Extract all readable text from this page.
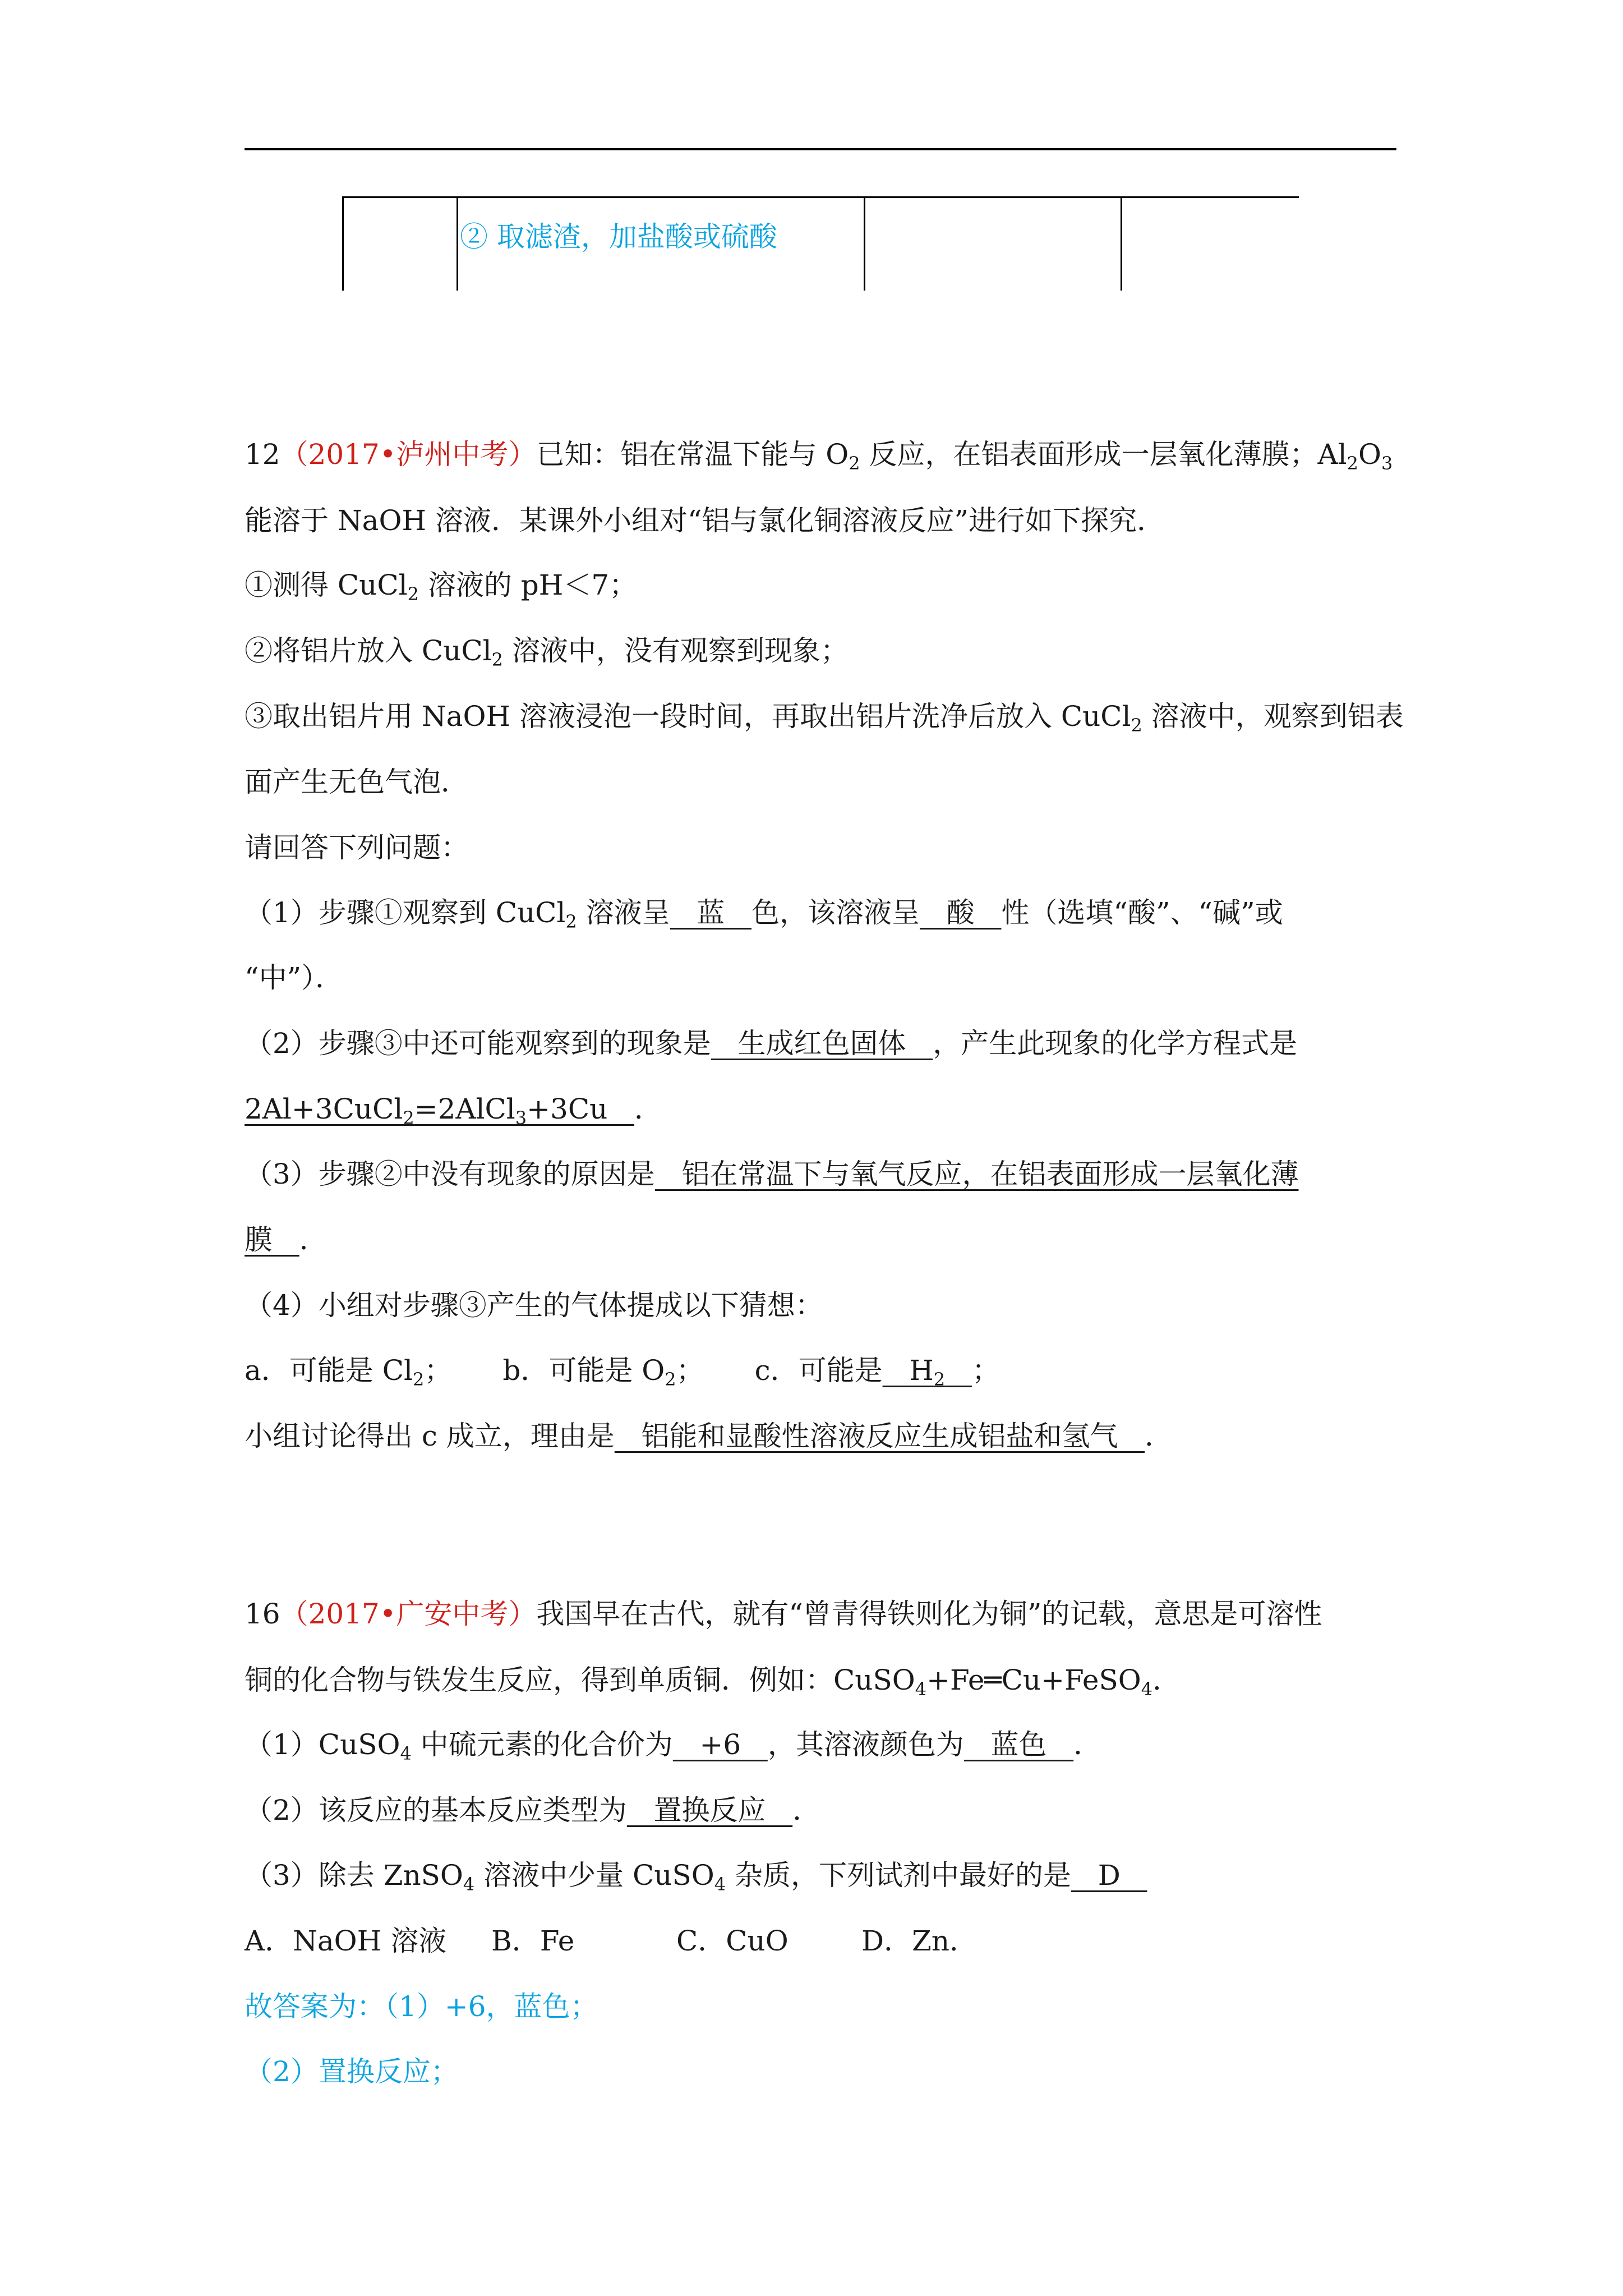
② 取滤渣，加盐酸或硫酸
12（2017•泸州中考）已知：铝在常温下能与 $O_2$ 反应，在铝表面形成一层氧化薄膜；$Al_2O_3$
能溶于 NaOH 溶液．某课外小组对“铝与氯化铜溶液反应”进行如下探究．
①测得 CuCl$_2$ 溶液的 pH＜7；
②将铝片放入 CuCl$_2$ 溶液中，没有观察到现象；
③取出铝片用 NaOH 溶液浸泡一段时间，再取出铝片洗净后放入 CuCl$_2$ 溶液中，观察到铝表
面产生无色气泡．
请回答下列问题：
（1）步骤①观察到 CuCl$_2$ 溶液呈   蓝   色，该溶液呈   酸   性（选填“酸”、“碱”或
“中”）．
（2）步骤③中还可能观察到的现象是   生成红色固体   ，产生此现象的化学方程式是
2Al+3CuCl$_2$=2AlCl$_3$+3Cu   ．
（3）步骤②中没有现象的原因是   铝在常温下与氧气反应，在铝表面形成一层氧化薄
膜   ．
（4）小组对步骤③产生的气体提成以下猜想：
a．可能是 $Cl_2$； b．可能是 $O_2$； c．可能是   $H_2$ ；
小组讨论得出 c 成立，理由是   铝能和显酸性溶液反应生成铝盐和氢气   ．
16（2017•广安中考）我国早在古代，就有“曾青得铁则化为铜”的记载，意思是可溶性
铜的化合物与铁发生反应，得到单质铜．例如：CuSO$_4$+Fe═Cu+FeSO$_4$．
（1）CuSO$_4$ 中硫元素的化合价为   +6   ，其溶液颜色为   蓝色   ．
（2）该反应的基本反应类型为   置换反应   ．
（3）除去 ZnSO$_4$ 溶液中少量 CuSO$_4$ 杂质，下列试剂中最好的是   D
A．NaOH 溶液 B．Fe	C．CuO	D．Zn．
故答案为：（1）+6，蓝色；
（2）置换反应；
